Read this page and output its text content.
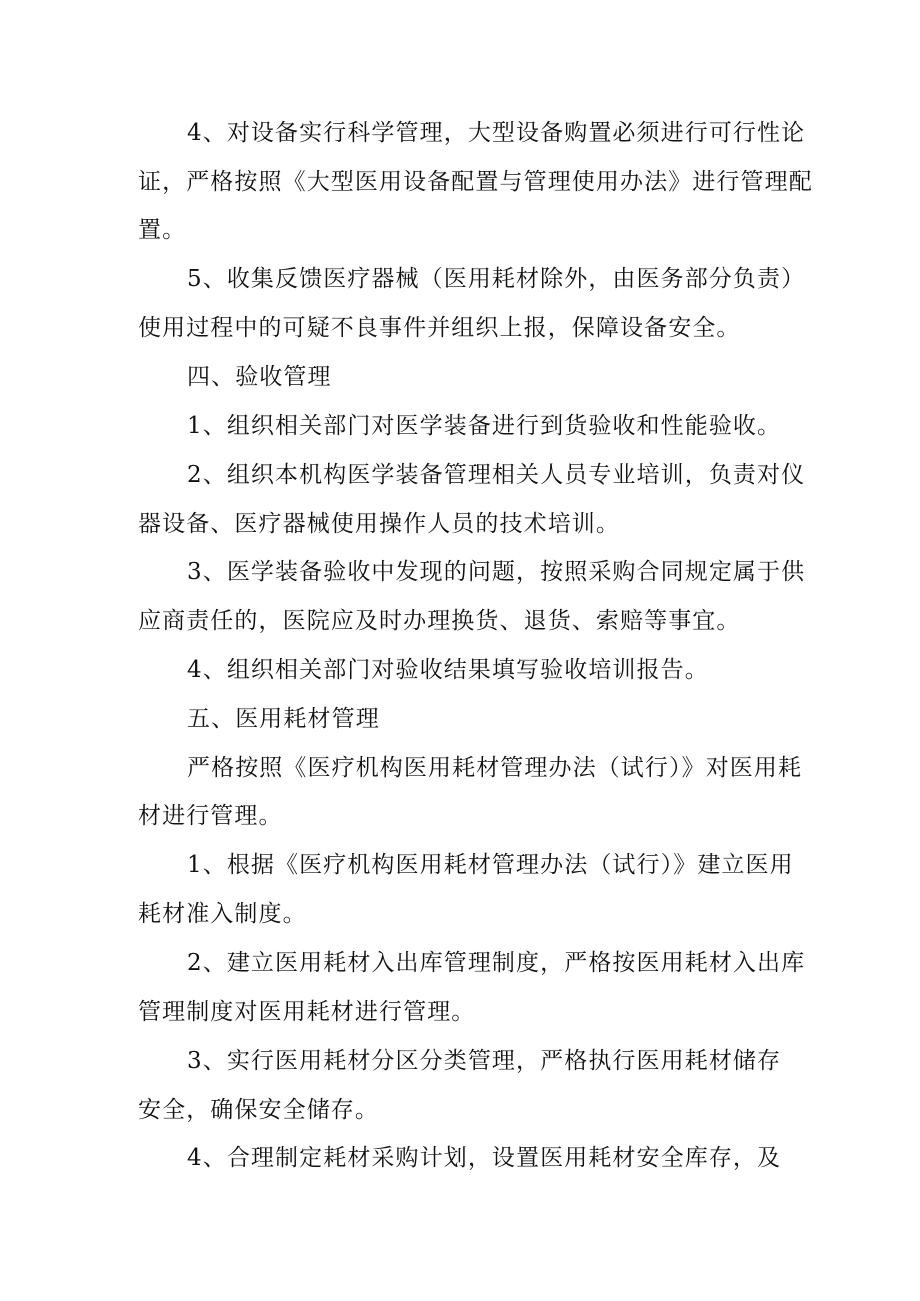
4、对设备实行科学管理，大型设备购置必须进行可行性论
证，严格按照《大型医用设备配置与管理使用办法》进行管理配
置。
5、收集反馈医疗器械（医用耗材除外，由医务部分负责）
使用过程中的可疑不良事件并组织上报，保障设备安全。
四、验收管理
1、组织相关部门对医学装备进行到货验收和性能验收。
2、组织本机构医学装备管理相关人员专业培训，负责对仪
器设备、医疗器械使用操作人员的技术培训。
3、医学装备验收中发现的问题，按照采购合同规定属于供
应商责任的，医院应及时办理换货、退货、索赔等事宜。
4、组织相关部门对验收结果填写验收培训报告。
五、医用耗材管理
严格按照《医疗机构医用耗材管理办法（试行）》对医用耗
材进行管理。
1、根据《医疗机构医用耗材管理办法（试行）》建立医用
耗材准入制度。
2、建立医用耗材入出库管理制度，严格按医用耗材入出库
管理制度对医用耗材进行管理。
3、实行医用耗材分区分类管理，严格执行医用耗材储存
安全，确保安全储存。
4、合理制定耗材采购计划，设置医用耗材安全库存，及
